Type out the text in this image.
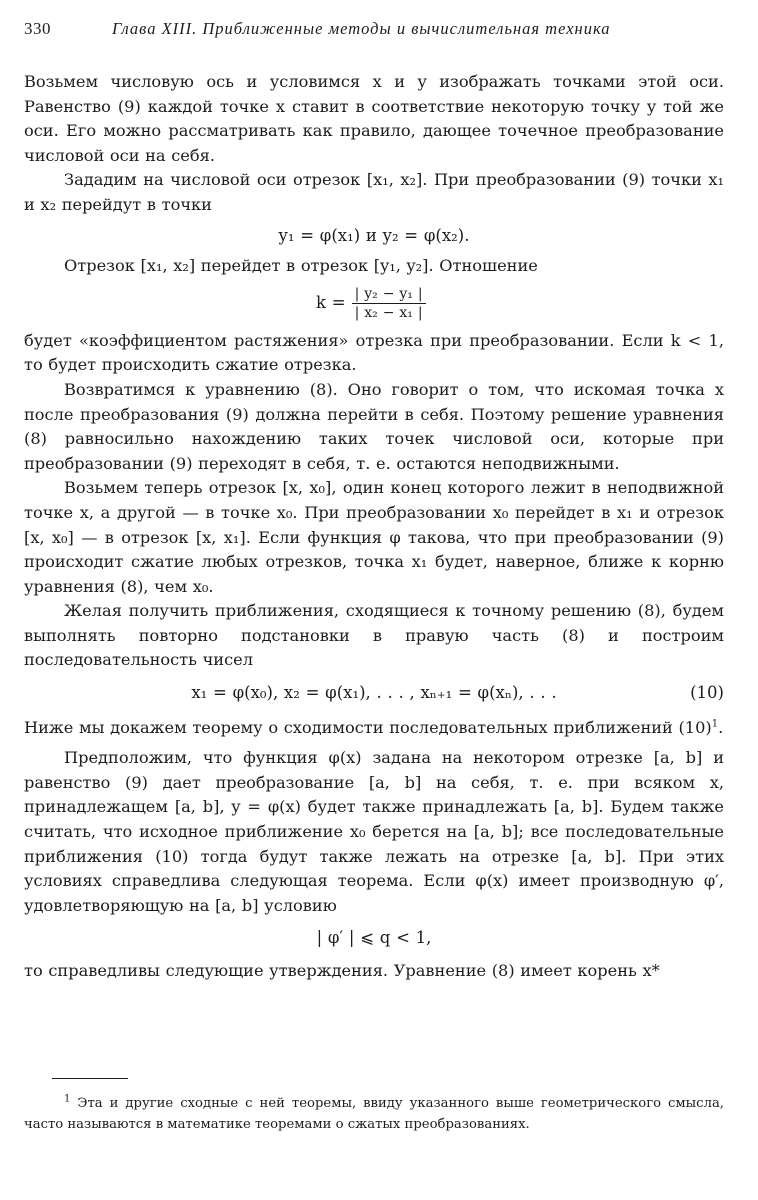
330	Глава XIII. Приближенные методы и вычислительная техника

Возьмем числовую ось и условимся x и y изображать точками этой оси. Равенство (9) каждой точке x ставит в соответствие некоторую точку y той же оси. Его можно рассматривать как правило, дающее точечное преобразование числовой оси на себя.

Зададим на числовой оси отрезок [x₁, x₂]. При преобразовании (9) точки x₁ и x₂ перейдут в точки

y₁ = φ(x₁) и y₂ = φ(x₂).

Отрезок [x₁, x₂] перейдет в отрезок [y₁, y₂]. Отношение

$k = \frac{\text{| y₂ − y₁ |}}{\text{| x₂ − x₁ |}}$

будет «коэффициентом растяжения» отрезка при преобразовании. Если k < 1, то будет происходить сжатие отрезка.

Возвратимся к уравнению (8). Оно говорит о том, что искомая точка x после преобразования (9) должна перейти в себя. Поэтому решение уравнения (8) равносильно нахождению таких точек числовой оси, которые при преобразовании (9) переходят в себя, т. е. остаются неподвижными.

Возьмем теперь отрезок [x, x₀], один конец которого лежит в неподвижной точке x, а другой — в точке x₀. При преобразовании x₀ перейдет в x₁ и отрезок [x, x₀] — в отрезок [x, x₁]. Если функция φ такова, что при преобразовании (9) происходит сжатие любых отрезков, точка x₁ будет, наверное, ближе к корню уравнения (8), чем x₀.

Желая получить приближения, сходящиеся к точному решению (8), будем выполнять повторно подстановки в правую часть (8) и построим последовательность чисел

x₁ = φ(x₀), x₂ = φ(x₁), . . . , xₙ₊₁ = φ(xₙ), . . .	(10)

Ниже мы докажем теорему о сходимости последовательных приближений $(10)^1$.

Предположим, что функция φ(x) задана на некотором отрезке [a, b] и равенство (9) дает преобразование [a, b] на себя, т. е. при всяком x, принадлежащем [a, b], y = φ(x) будет также принадлежать [a, b]. Будем также считать, что исходное приближение x₀ берется на [a, b]; все последовательные приближения (10) тогда будут также лежать на отрезке [a, b]. При этих условиях справедлива следующая теорема. Если φ(x) имеет производную φ′, удовлетворяющую на [a, b] условию

| φ′ | ⩽ q < 1,

то справедливы следующие утверждения. Уравнение (8) имеет корень x*

$^1$ Эта и другие сходные с ней теоремы, ввиду указанного выше геометрического смысла, часто называются в математике теоремами о сжатых преобразованиях.
